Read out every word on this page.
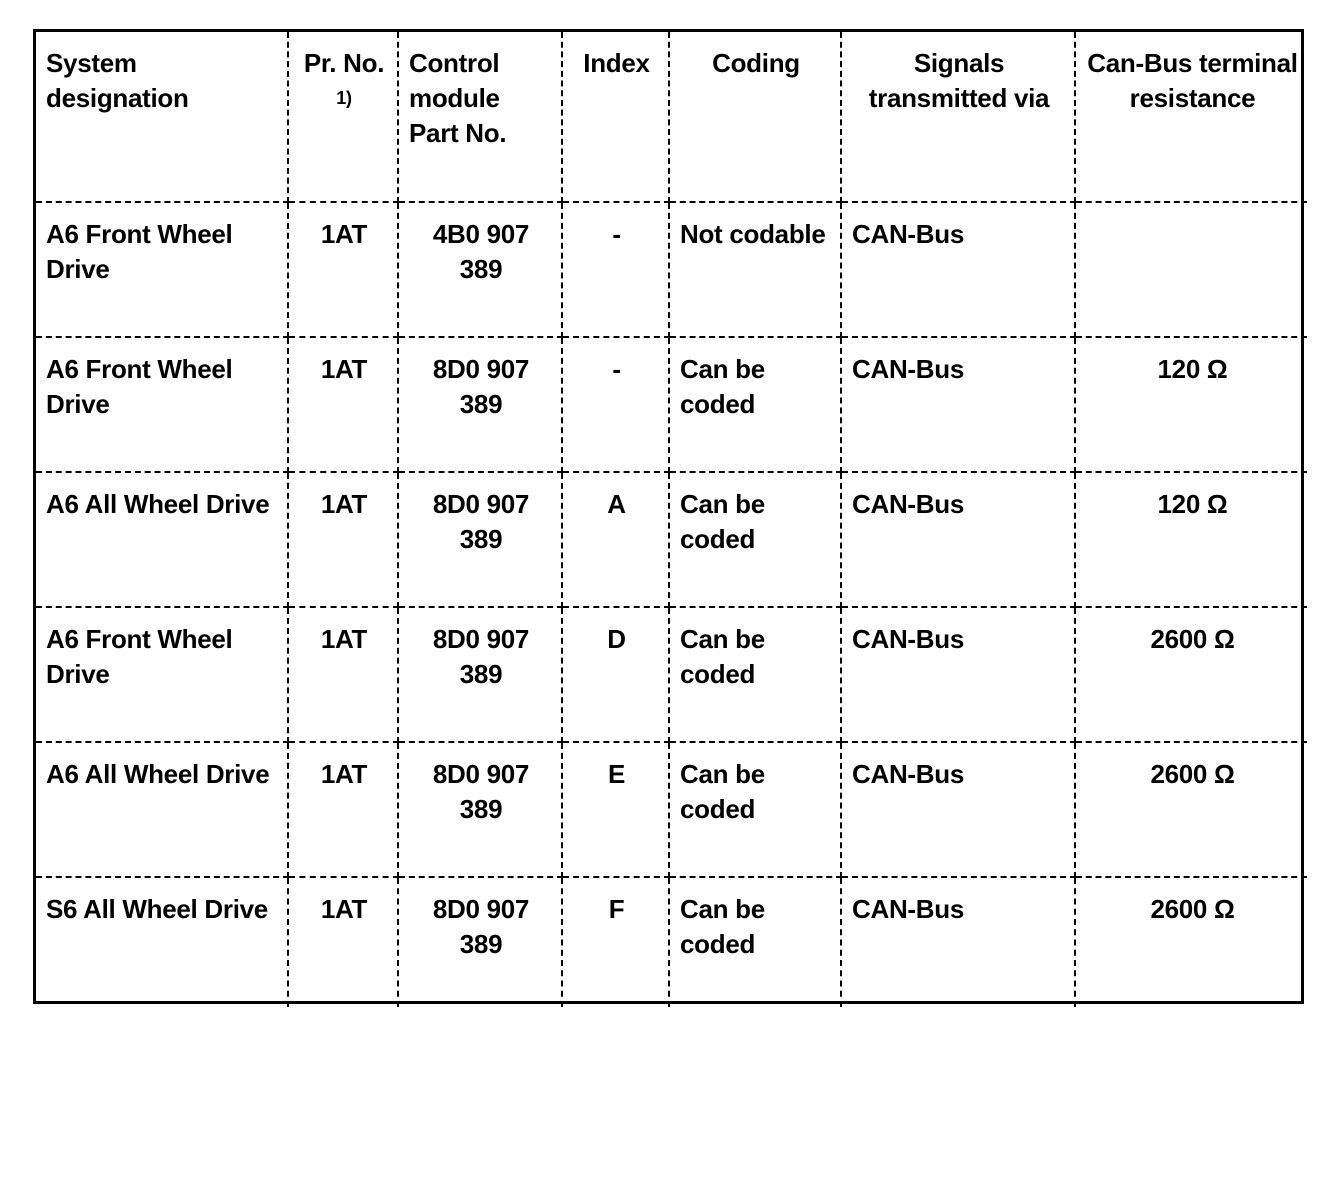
System designation	Pr. No. $^{1)}$	Control module Part No.	Index	Coding	Signals transmitted via	Can-Bus terminal resistance
A6 Front Wheel Drive	1AT	4B0 907 389	-	Not codable	CAN-Bus	
A6 Front Wheel Drive	1AT	8D0 907 389	-	Can be coded	CAN-Bus	120 Ω
A6 All Wheel Drive	1AT	8D0 907 389	A	Can be coded	CAN-Bus	120 Ω
A6 Front Wheel Drive	1AT	8D0 907 389	D	Can be coded	CAN-Bus	2600 Ω
A6 All Wheel Drive	1AT	8D0 907 389	E	Can be coded	CAN-Bus	2600 Ω
S6 All Wheel Drive	1AT	8D0 907 389	F	Can be coded	CAN-Bus	2600 Ω
